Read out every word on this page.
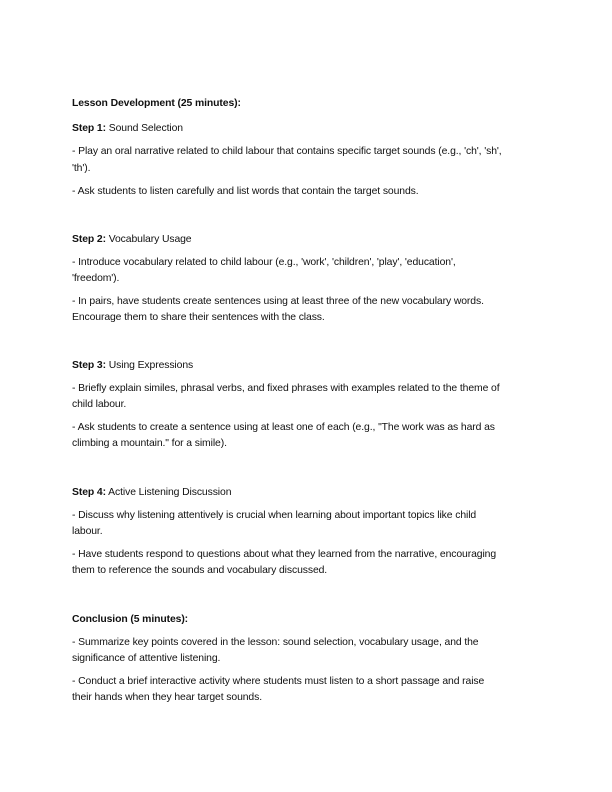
Lesson Development (25 minutes):
Step 1: Sound Selection
- Play an oral narrative related to child labour that contains specific target sounds (e.g., 'ch', 'sh',
'th').
- Ask students to listen carefully and list words that contain the target sounds.
Step 2: Vocabulary Usage
- Introduce vocabulary related to child labour (e.g., 'work', 'children', 'play', 'education',
'freedom').
- In pairs, have students create sentences using at least three of the new vocabulary words.
Encourage them to share their sentences with the class.
Step 3: Using Expressions
- Briefly explain similes, phrasal verbs, and fixed phrases with examples related to the theme of
child labour.
- Ask students to create a sentence using at least one of each (e.g., "The work was as hard as
climbing a mountain." for a simile).
Step 4: Active Listening Discussion
- Discuss why listening attentively is crucial when learning about important topics like child
labour.
- Have students respond to questions about what they learned from the narrative, encouraging
them to reference the sounds and vocabulary discussed.
Conclusion (5 minutes):
- Summarize key points covered in the lesson: sound selection, vocabulary usage, and the
significance of attentive listening.
- Conduct a brief interactive activity where students must listen to a short passage and raise
their hands when they hear target sounds.
